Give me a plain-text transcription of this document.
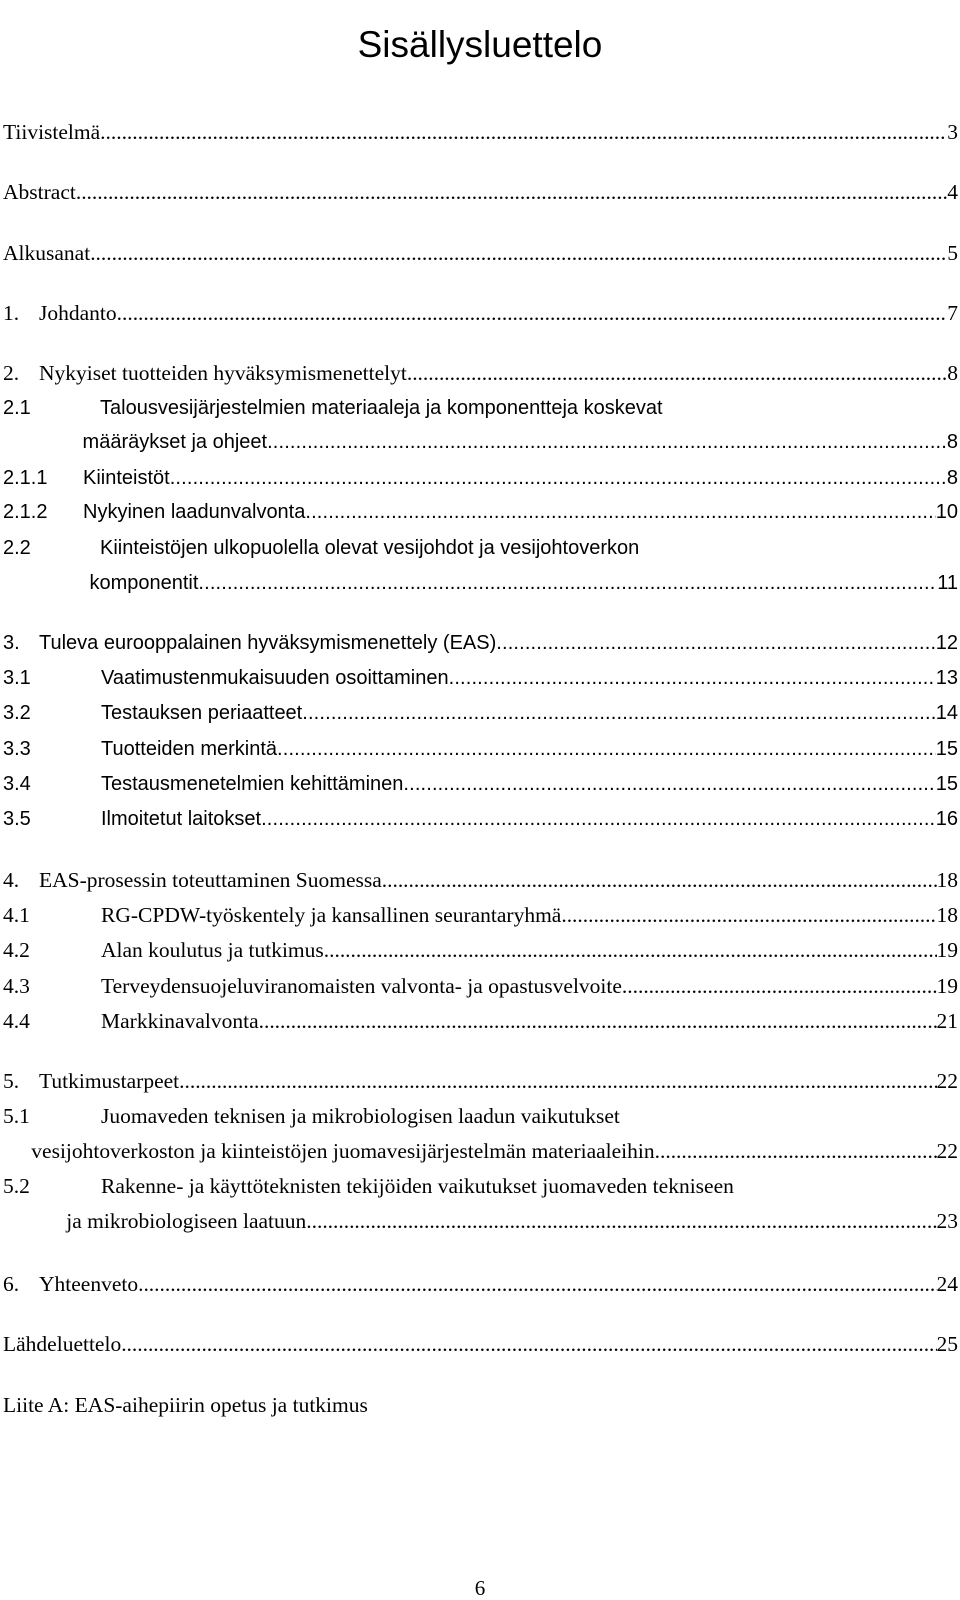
Sisällysluettelo
Tiivistelmä . . .	3
Abstract . . .	4
Alkusanat . . .	5
1. Johdanto . . .	7
2. Nykyiset tuotteiden hyväksymismenettelyt . . .	8
2.1	Talousvesijärjestelmien materiaaleja ja komponentteja koskevat
määräykset ja ohjeet . . .	8
2.1.1	Kiinteistöt . . .	8
2.1.2	Nykyinen laadunvalvonta . . .	10
2.2	Kiinteistöjen ulkopuolella olevat vesijohdot ja vesijohtoverkon
komponentit . . .	11
3. Tuleva eurooppalainen hyväksymismenettely (EAS) . . .	12
3.1	Vaatimustenmukaisuuden osoittaminen . . .	13
3.2	Testauksen periaatteet . . .	14
3.3	Tuotteiden merkintä . . .	15
3.4	Testausmenetelmien kehittäminen . . .	15
3.5	Ilmoitetut laitokset . . .	16
4. EAS-prosessin toteuttaminen Suomessa . . .	18
4.1	RG-CPDW-työskentely ja kansallinen seurantaryhmä . . .	18
4.2	Alan koulutus ja tutkimus . . .	19
4.3	Terveydensuojeluviranomaisten valvonta- ja opastusvelvoite . . .	19
4.4	Markkinavalvonta . . .	21
5. Tutkimustarpeet . . .	22
5.1	Juomaveden teknisen ja mikrobiologisen laadun vaikutukset
vesijohtoverkoston ja kiinteistöjen juomavesijärjestelmän materiaaleihin . . .	22
5.2	Rakenne- ja käyttöteknisten tekijöiden vaikutukset juomaveden tekniseen
ja mikrobiologiseen laatuun . . .	23
6. Yhteenveto . . .	24
Lähdeluettelo . . .	25
Liite A: EAS-aihepiirin opetus ja tutkimus
6
